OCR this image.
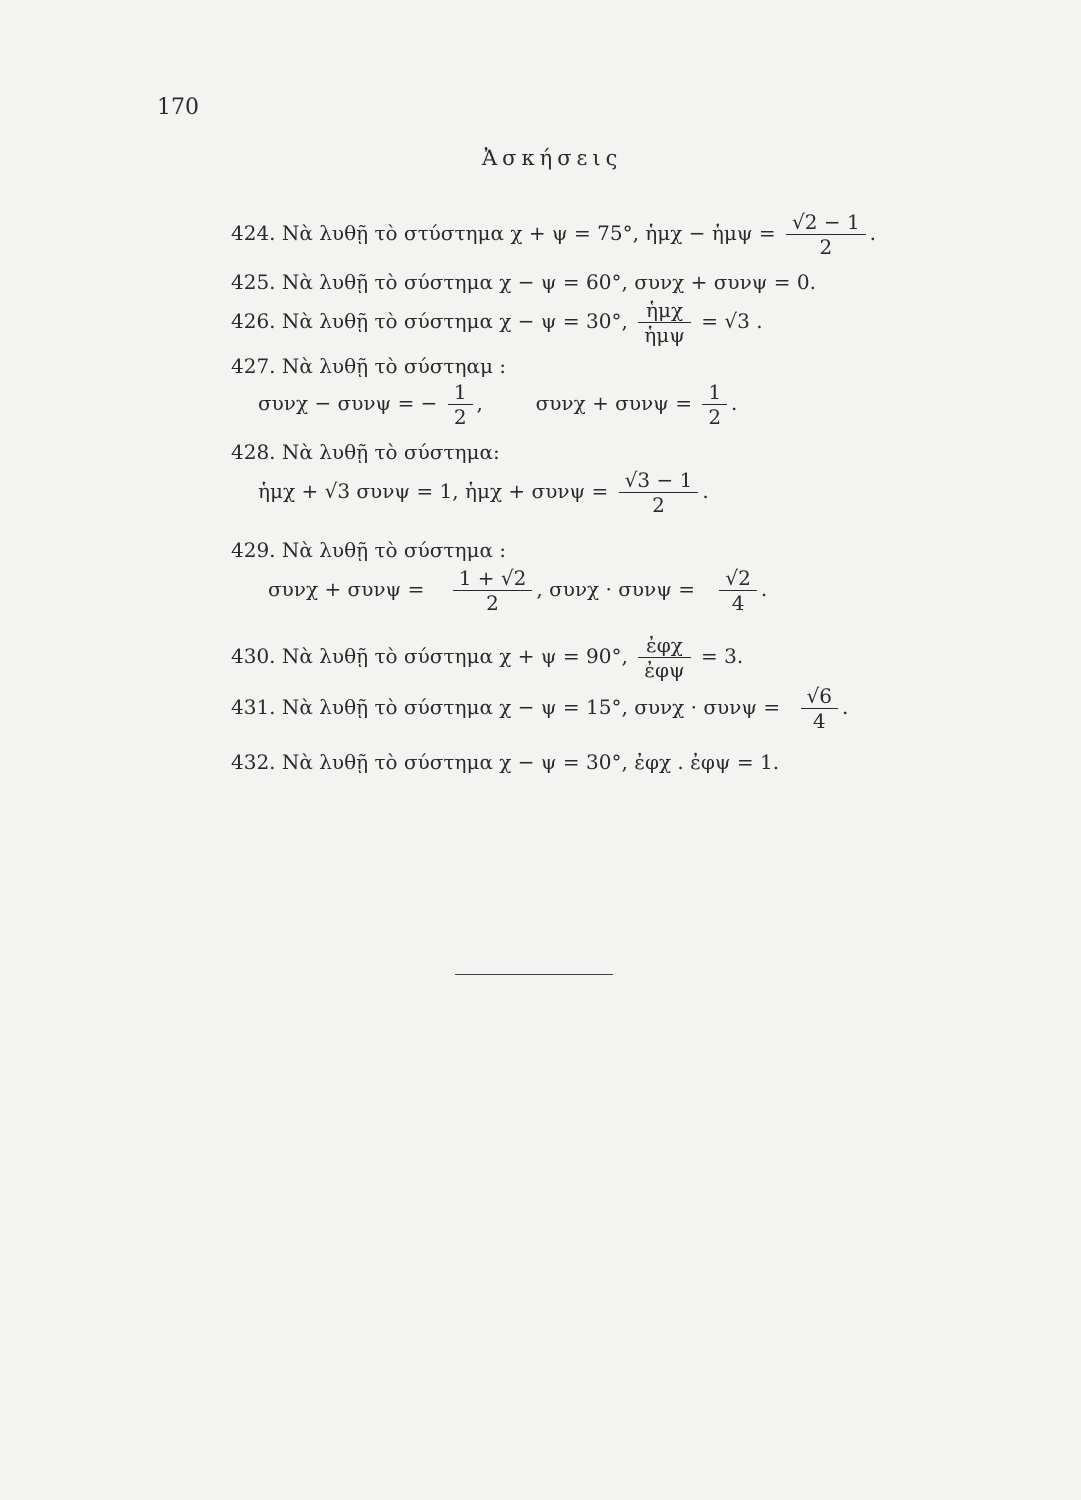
170
Ἀσκήσεις
424. Νὰ λυθῇ τὸ στύστημα χ + ψ = 75°, ἡμχ − ἡμψ = $\frac{√2 - 1}{2}$ .
425. Νὰ λυθῇ τὸ σύστημα χ − ψ = 60°, συνχ + συνψ = 0.
426. Νὰ λυθῇ τὸ σύστημα χ − ψ = 30°, $\frac{\text{ἡμχ}}{\text{ἡμψ}} = √3$ .
427. Νὰ λυθῇ τὸ σύστηαμ :
συνχ − συνψ = − $\frac{1}{2}$ ,	$\sigma\upsilon\nu\chi + \sigma\upsilon\nu\psi = \frac{1}{2}$ .
428. Νὰ λυθῇ τὸ σύστημα:
ἡμχ + √3 συνψ = 1, ἡμχ + $\sigma\upsilon\nu\psi = \frac{√3 - 1}{2}$ .
429. Νὰ λυθῇ τὸ σύστημα :
$\sigma\upsilon\nu\chi + \sigma\upsilon\nu\psi = \frac{1 + √2}{2}$ , $\sigma\upsilon\nu\chi \cdot \sigma\upsilon\nu\psi = \frac{√2}{4}$ .
430. Νὰ λυθῇ τὸ σύστημα χ + ψ = 90°, $\frac{\text{ἐφχ}}{\text{ἐφψ}} = 3$.
431. Νὰ λυθῇ τὸ σύστημα χ − ψ = 15°, $\sigma\upsilon\nu\chi \cdot \sigma\upsilon\nu\psi = \frac{√6}{4}$ .
432. Νὰ λυθῇ τὸ σύστημα χ − ψ = 30°, ἐφχ . ἐφψ = 1.
